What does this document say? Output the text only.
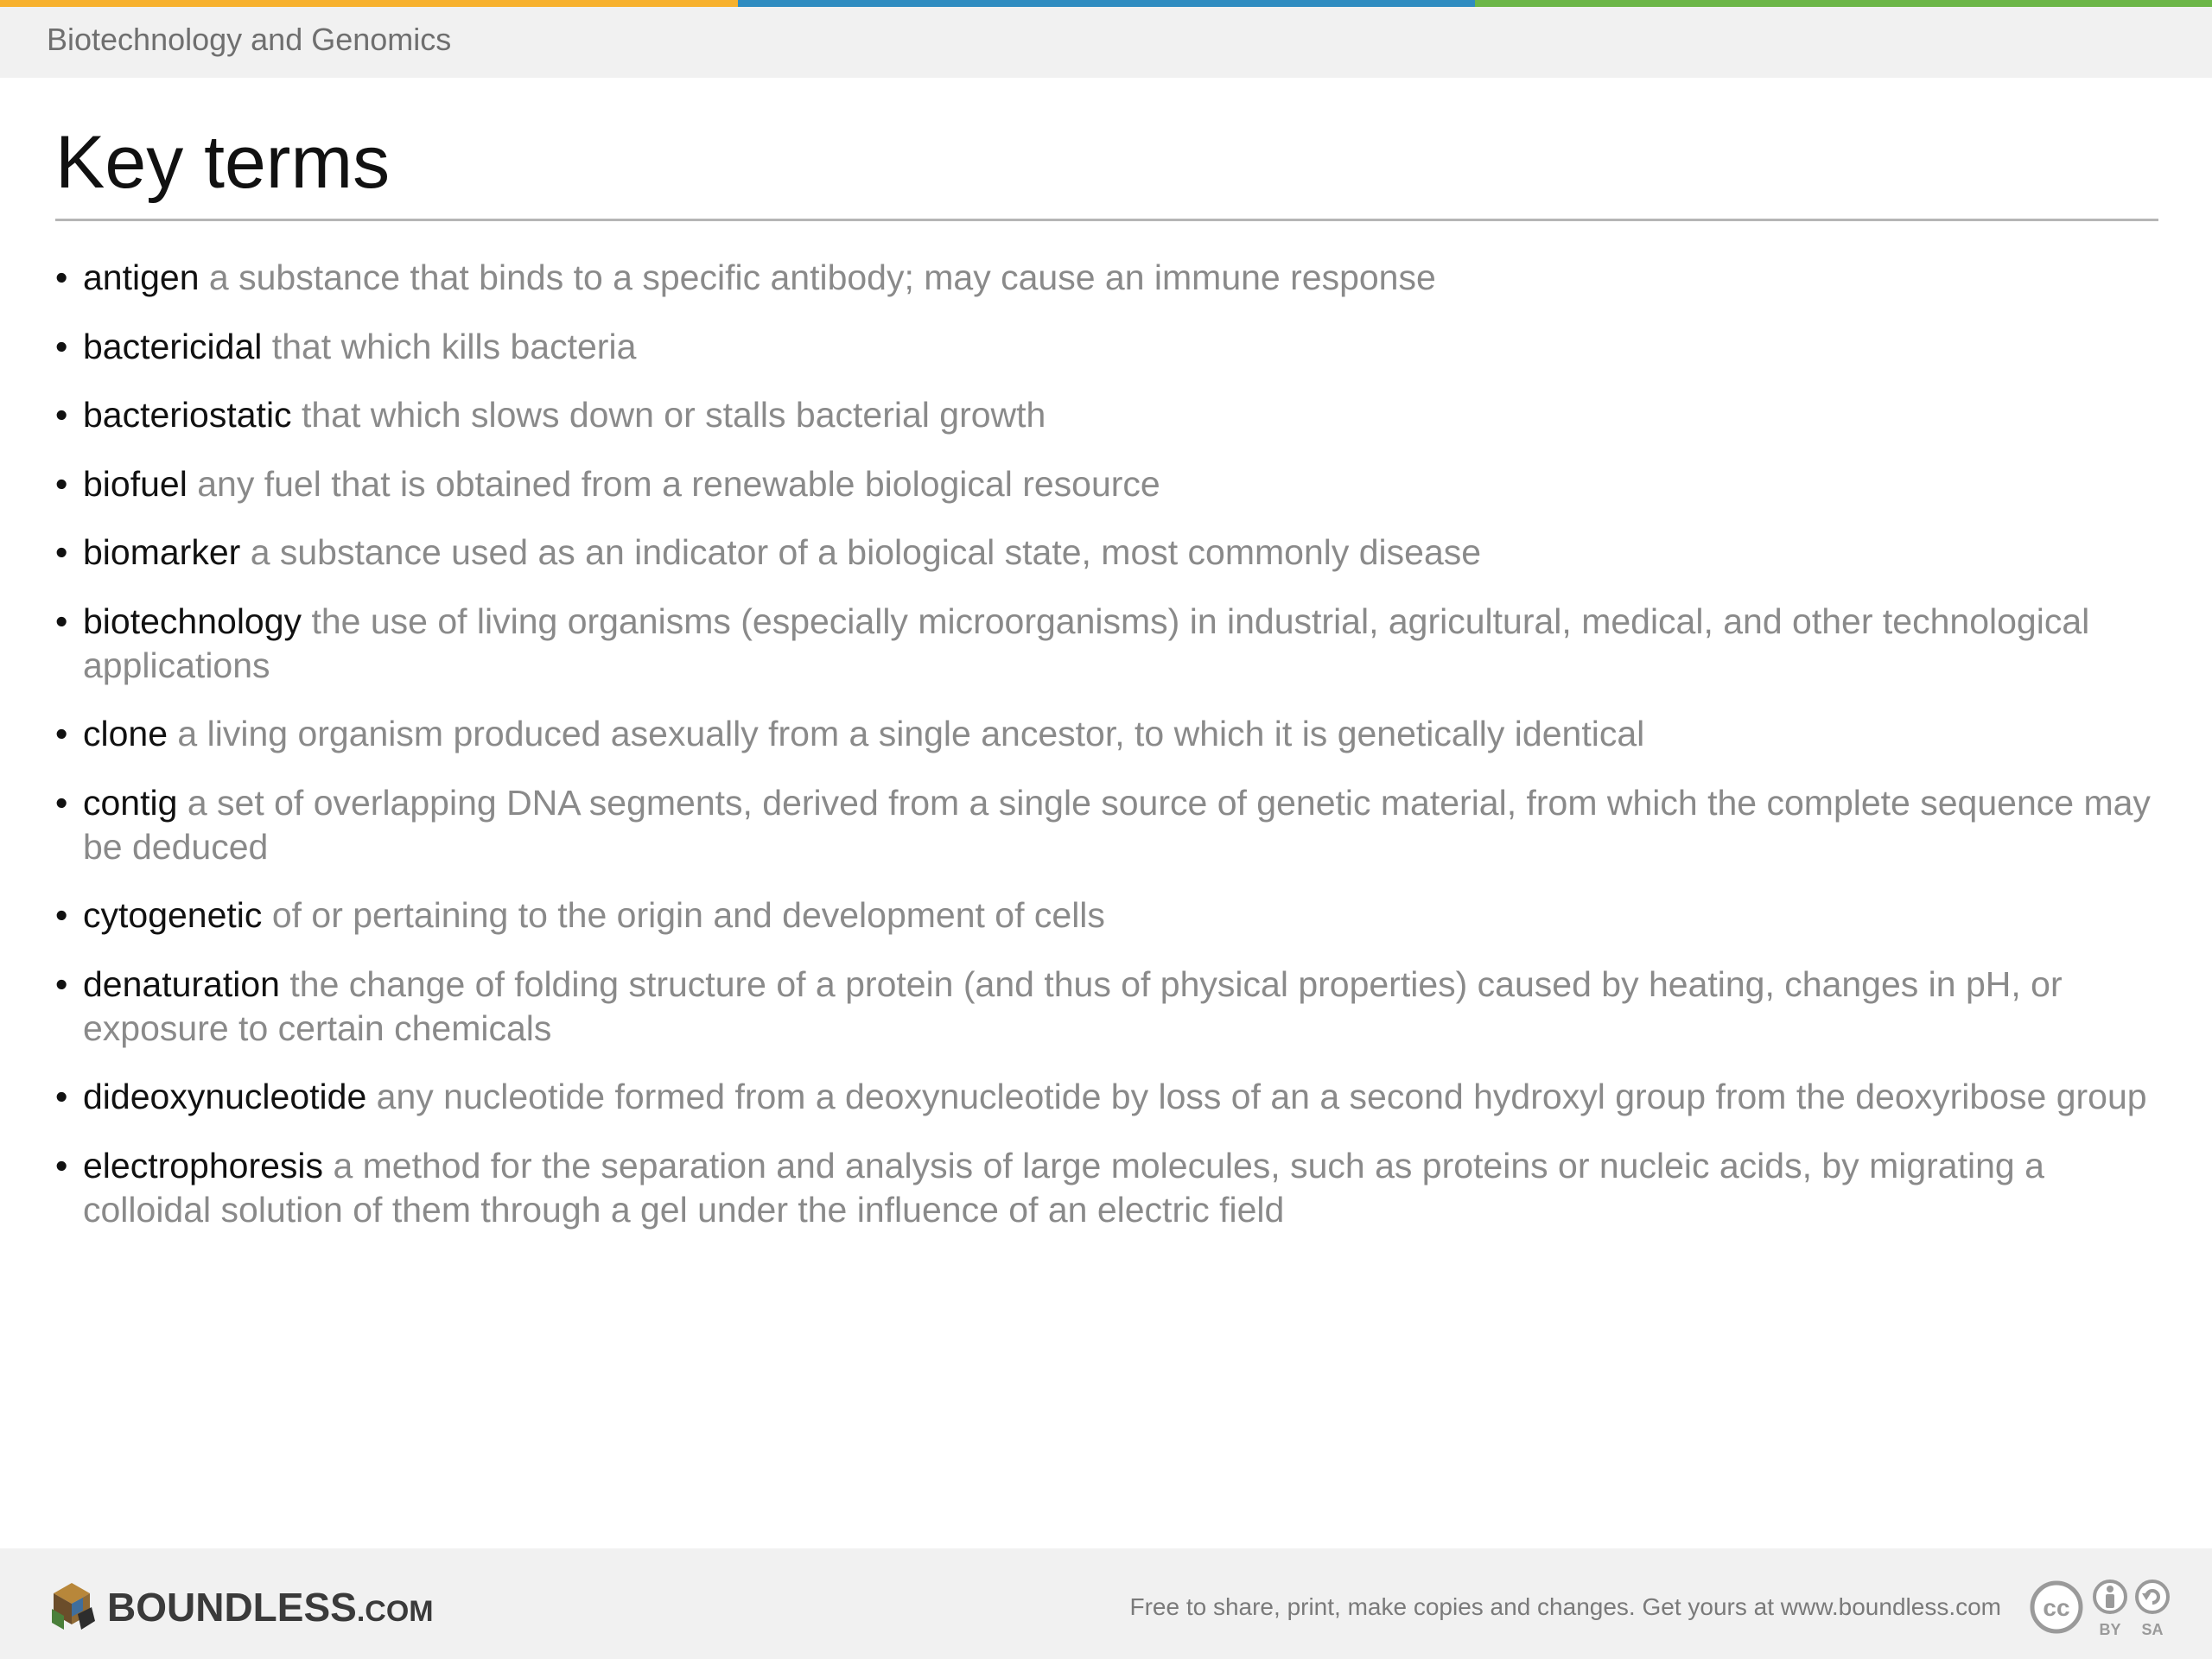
Biotechnology and Genomics
Key terms
• antigen a substance that binds to a specific antibody; may cause an immune response
• bactericidal that which kills bacteria
• bacteriostatic that which slows down or stalls bacterial growth
• biofuel any fuel that is obtained from a renewable biological resource
• biomarker a substance used as an indicator of a biological state, most commonly disease
• biotechnology the use of living organisms (especially microorganisms) in industrial, agricultural, medical, and other technological applications
• clone a living organism produced asexually from a single ancestor, to which it is genetically identical
• contig a set of overlapping DNA segments, derived from a single source of genetic material, from which the complete sequence may be deduced
• cytogenetic of or pertaining to the origin and development of cells
• denaturation the change of folding structure of a protein (and thus of physical properties) caused by heating, changes in pH, or exposure to certain chemicals
• dideoxynucleotide any nucleotide formed from a deoxynucleotide by loss of an a second hydroxyl group from the deoxyribose group
• electrophoresis a method for the separation and analysis of large molecules, such as proteins or nucleic acids, by migrating a colloidal solution of them through a gel under the influence of an electric field
BOUNDLESS.COM	Free to share, print, make copies and changes. Get yours at www.boundless.com cc
BY SA
